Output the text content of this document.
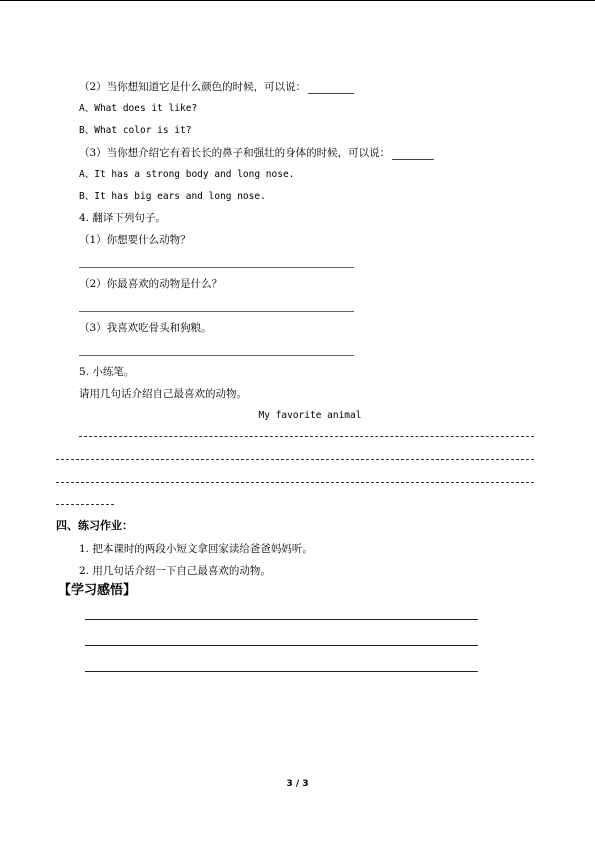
（2）当你想知道它是什么颜色的时候，可以说：
A、What does it like?
B、What color is it?
（3）当你想介绍它有着长长的鼻子和强壮的身体的时候，可以说：
A、It has a strong body and long nose.
B、It has big ears and long nose.
4. 翻译下列句子。
（1）你想要什么动物？
（2）你最喜欢的动物是什么？
（3）我喜欢吃骨头和狗粮。
5. 小练笔。
请用几句话介绍自己最喜欢的动物。
My favorite animal
四、练习作业：
1. 把本课时的两段小短文拿回家读给爸爸妈妈听。
2. 用几句话介绍一下自己最喜欢的动物。
【学习感悟】
3 / 3
